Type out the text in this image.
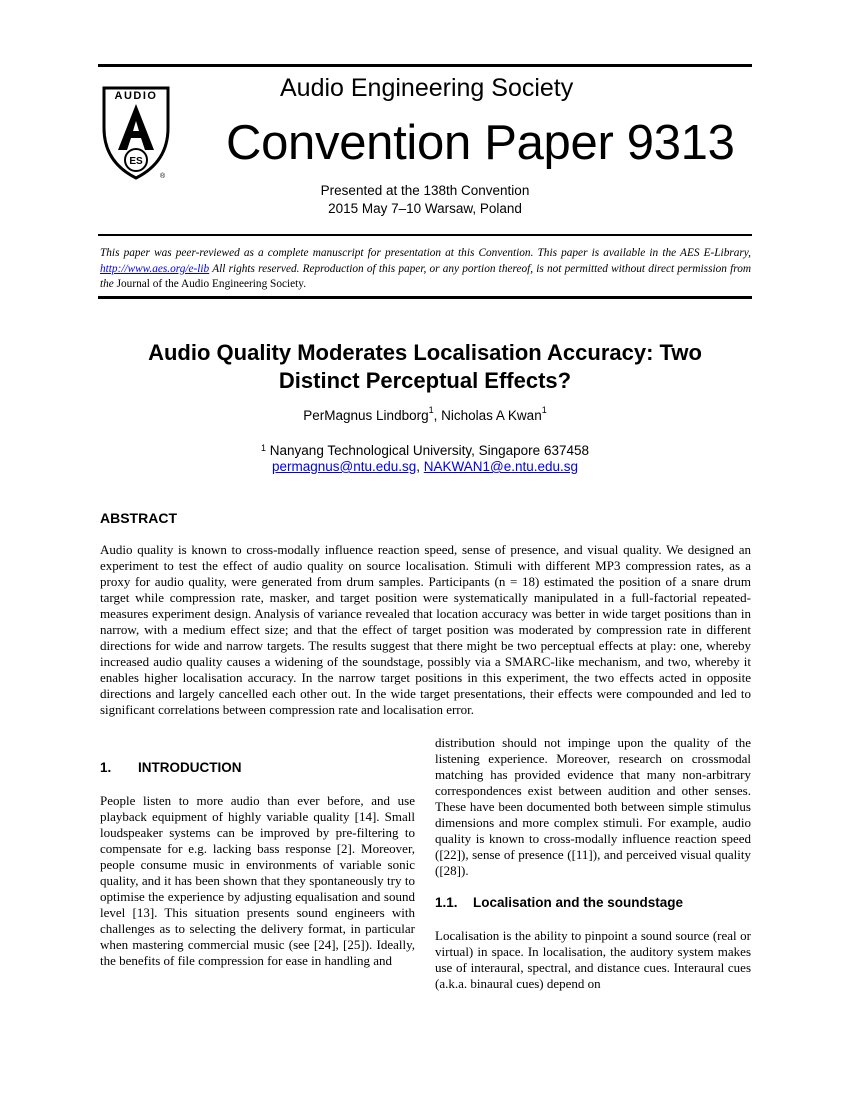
AUDIO
ES
®
Audio Engineering Society
Convention Paper 9313
Presented at the 138th Convention
2015 May 7–10 Warsaw, Poland
This paper was peer-reviewed as a complete manuscript for presentation at this Convention. This paper is available in the AES E-Library, http://www.aes.org/e-lib All rights reserved. Reproduction of this paper, or any portion thereof, is not permitted without direct permission from the Journal of the Audio Engineering Society.
Audio Quality Moderates Localisation Accuracy: Two
Distinct Perceptual Effects?
PerMagnus Lindborg$^1$, Nicholas A Kwan$^1$
$^1$ Nanyang Technological University, Singapore 637458
permagnus@ntu.edu.sg, NAKWAN1@e.ntu.edu.sg
ABSTRACT
Audio quality is known to cross-modally influence reaction speed, sense of presence, and visual quality. We designed an experiment to test the effect of audio quality on source localisation. Stimuli with different MP3 compression rates, as a proxy for audio quality, were generated from drum samples. Participants (n = 18) estimated the position of a snare drum target while compression rate, masker, and target position were systematically manipulated in a full-factorial repeated-measures experiment design. Analysis of variance revealed that location accuracy was better in wide target positions than in narrow, with a medium effect size; and that the effect of target position was moderated by compression rate in different directions for wide and narrow targets. The results suggest that there might be two perceptual effects at play: one, whereby increased audio quality causes a widening of the soundstage, possibly via a SMARC-like mechanism, and two, whereby it enables higher localisation accuracy. In the narrow target positions in this experiment, the two effects acted in opposite directions and largely cancelled each other out. In the wide target presentations, their effects were compounded and led to significant correlations between compression rate and localisation error.
1. INTRODUCTION

People listen to more audio than ever before, and use playback equipment of highly variable quality [14]. Small loudspeaker systems can be improved by pre-filtering to compensate for e.g. lacking bass response [2]. Moreover, people consume music in environments of variable sonic quality, and it has been shown that they spontaneously try to optimise the experience by adjusting equalisation and sound level [13]. This situation presents sound engineers with challenges as to selecting the delivery format, in particular when mastering commercial music (see [24], [25]). Ideally, the benefits of file compression for ease in handling and

distribution should not impinge upon the quality of the listening experience. Moreover, research on crossmodal matching has provided evidence that many non-arbitrary correspondences exist between audition and other senses. These have been documented both between simple stimulus dimensions and more complex stimuli. For example, audio quality is known to cross-modally influence reaction speed ([22]), sense of presence ([11]), and perceived visual quality ([28]).

1.1. Localisation and the soundstage

Localisation is the ability to pinpoint a sound source (real or virtual) in space. In localisation, the auditory system makes use of interaural, spectral, and distance cues. Interaural cues (a.k.a. binaural cues) depend on
